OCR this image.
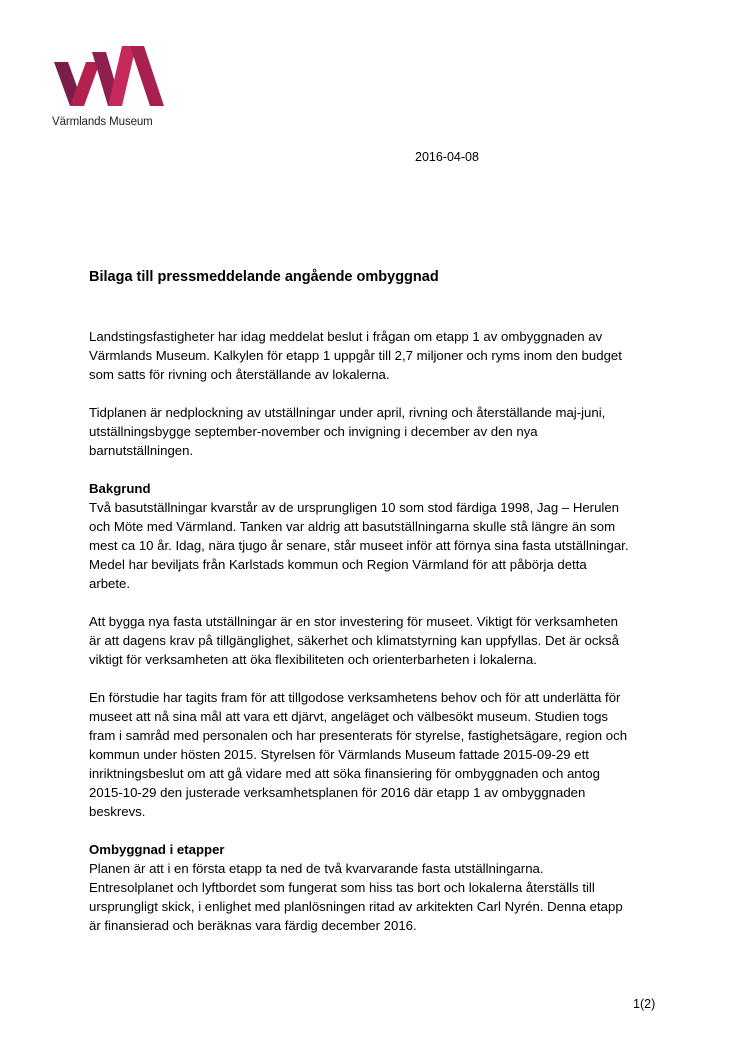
Värmlands Museum
2016-04-08
Bilaga till pressmeddelande angående ombyggnad

Landstingsfastigheter har idag meddelat beslut i frågan om etapp 1 av ombyggnaden av
Värmlands Museum. Kalkylen för etapp 1 uppgår till 2,7 miljoner och ryms inom den budget
som satts för rivning och återställande av lokalerna.

Tidplanen är nedplockning av utställningar under april, rivning och återställande maj-juni,
utställningsbygge september-november och invigning i december av den nya
barnutställningen.

Bakgrund

Två basutställningar kvarstår av de ursprungligen 10 som stod färdiga 1998, Jag – Herulen
och Möte med Värmland. Tanken var aldrig att basutställningarna skulle stå längre än som
mest ca 10 år. Idag, nära tjugo år senare, står museet inför att förnya sina fasta utställningar.
Medel har beviljats från Karlstads kommun och Region Värmland för att påbörja detta
arbete.

Att bygga nya fasta utställningar är en stor investering för museet. Viktigt för verksamheten
är att dagens krav på tillgänglighet, säkerhet och klimatstyrning kan uppfyllas. Det är också
viktigt för verksamheten att öka flexibiliteten och orienterbarheten i lokalerna.

En förstudie har tagits fram för att tillgodose verksamhetens behov och för att underlätta för
museet att nå sina mål att vara ett djärvt, angeläget och välbesökt museum. Studien togs
fram i samråd med personalen och har presenterats för styrelse, fastighetsägare, region och
kommun under hösten 2015. Styrelsen för Värmlands Museum fattade 2015-09-29 ett
inriktningsbeslut om att gå vidare med att söka finansiering för ombyggnaden och antog
2015-10-29 den justerade verksamhetsplanen för 2016 där etapp 1 av ombyggnaden
beskrevs.

Ombyggnad i etapper

Planen är att i en första etapp ta ned de två kvarvarande fasta utställningarna.
Entresolplanet och lyftbordet som fungerat som hiss tas bort och lokalerna återställs till
ursprungligt skick, i enlighet med planlösningen ritad av arkitekten Carl Nyrén. Denna etapp
är finansierad och beräknas vara färdig december 2016.

1(2)
